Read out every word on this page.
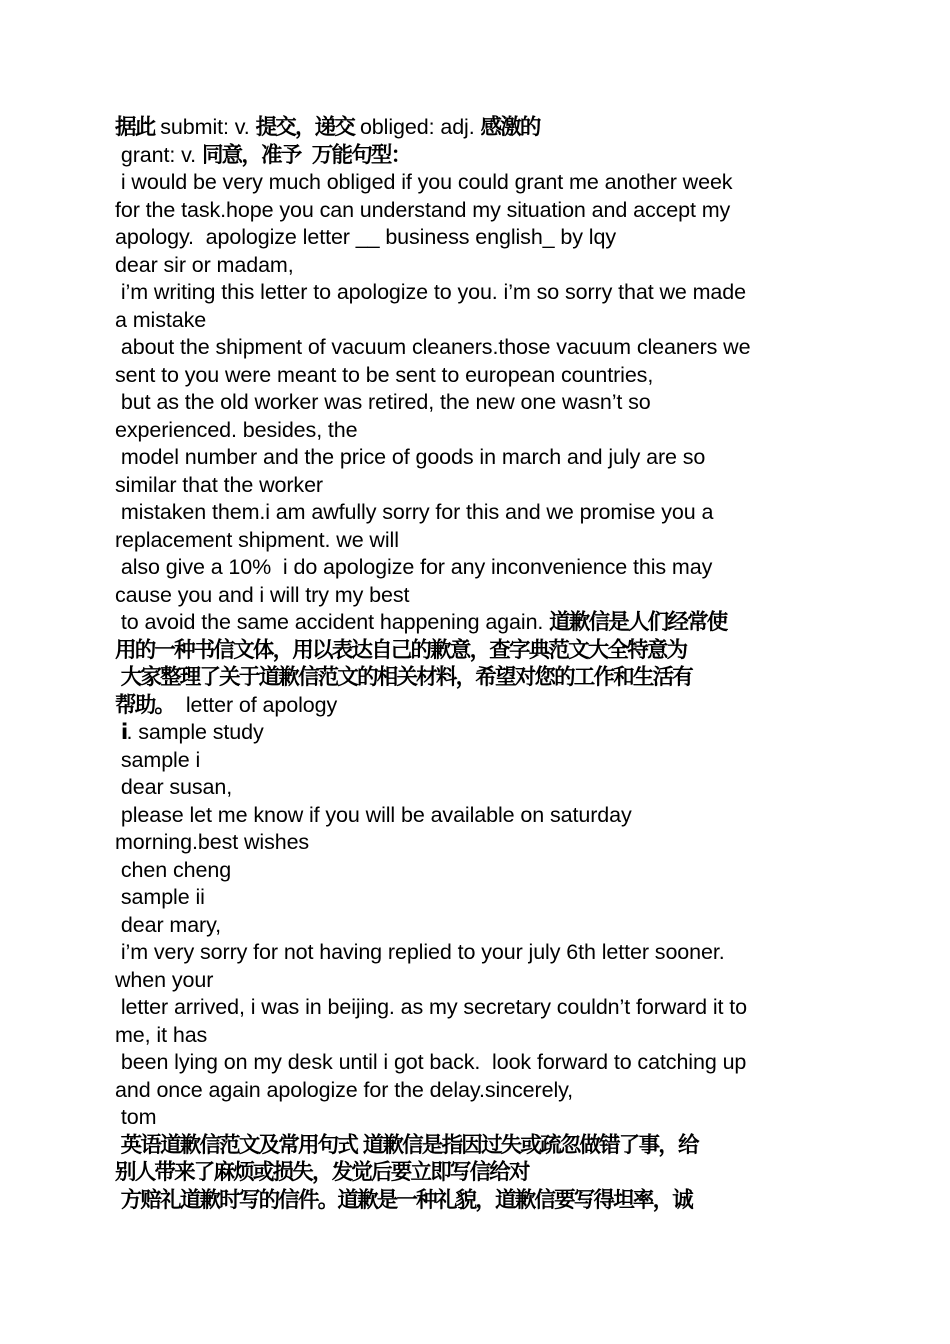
据此 submit: v. 提交，递交 obliged: adj. 感激的
grant: v. 同意，准予  万能句型：
i would be very much obliged if you could grant me another week
for the task.hope you can understand my situation and accept my
apology.  apologize letter __ business english_ by lqy
dear sir or madam,
i’m writing this letter to apologize to you. i’m so sorry that we made
a mistake
about the shipment of vacuum cleaners.those vacuum cleaners we
sent to you were meant to be sent to european countries,
but as the old worker was retired, the new one wasn’t so
experienced. besides, the
model number and the price of goods in march and july are so
similar that the worker
mistaken them.i am awfully sorry for this and we promise you a
replacement shipment. we will
also give a 10%  i do apologize for any inconvenience this may
cause you and i will try my best
to avoid the same accident happening again. 道歉信是人们经常使
用的一种书信文体，用以表达自己的歉意，查字典范文大全特意为
大家整理了关于道歉信范文的相关材料，希望对您的工作和生活有
帮助。  letter of apology
i. sample study
sample i
dear susan,
please let me know if you will be available on saturday
morning.best wishes
chen cheng
sample ii
dear mary,
i’m very sorry for not having replied to your july 6th letter sooner.
when your
letter arrived, i was in beijing. as my secretary couldn’t forward it to
me, it has
been lying on my desk until i got back.  look forward to catching up
and once again apologize for the delay.sincerely,
tom
英语道歉信范文及常用句式 道歉信是指因过失或疏忽做错了事，给
别人带来了麻烦或损失，发觉后要立即写信给对
方赔礼道歉时写的信件。道歉是一种礼貌，道歉信要写得坦率，诚
